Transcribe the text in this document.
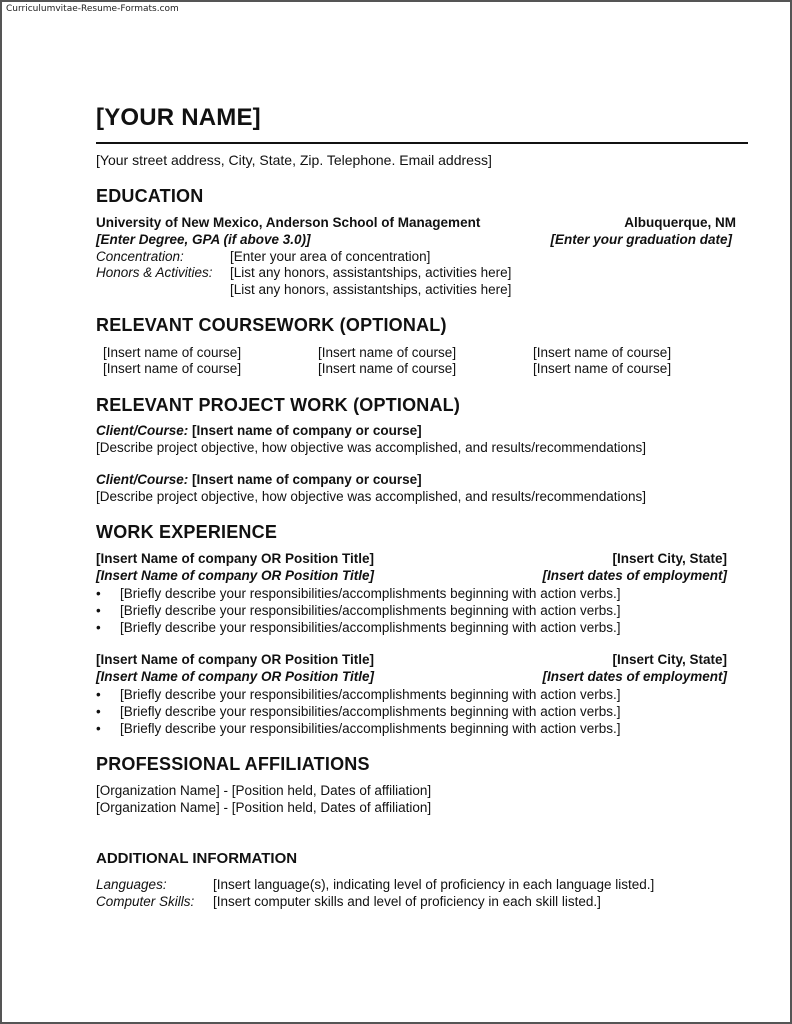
Curriculumvitae-Resume-Formats.com
[YOUR NAME]
[Your street address, City, State, Zip. Telephone. Email address]
EDUCATION
University of New Mexico, Anderson School of Management	Albuquerque, NM
[Enter Degree, GPA (if above 3.0)]	[Enter your graduation date]
Concentration:	[Enter your area of concentration]
Honors & Activities: [List any honors, assistantships, activities here]
[List any honors, assistantships, activities here]
RELEVANT COURSEWORK (OPTIONAL)
[Insert name of course]	[Insert name of course]	[Insert name of course]
[Insert name of course]	[Insert name of course]	[Insert name of course]
RELEVANT PROJECT WORK (OPTIONAL)
Client/Course: [Insert name of company or course]
[Describe project objective, how objective was accomplished, and results/recommendations]
Client/Course: [Insert name of company or course]
[Describe project objective, how objective was accomplished, and results/recommendations]
WORK EXPERIENCE
[Insert Name of company OR Position Title]	[Insert City, State]
[Insert Name of company OR Position Title]	[Insert dates of employment]
• [Briefly describe your responsibilities/accomplishments beginning with action verbs.]
• [Briefly describe your responsibilities/accomplishments beginning with action verbs.]
• [Briefly describe your responsibilities/accomplishments beginning with action verbs.]
[Insert Name of company OR Position Title]	[Insert City, State]
[Insert Name of company OR Position Title]	[Insert dates of employment]
• [Briefly describe your responsibilities/accomplishments beginning with action verbs.]
• [Briefly describe your responsibilities/accomplishments beginning with action verbs.]
• [Briefly describe your responsibilities/accomplishments beginning with action verbs.]
PROFESSIONAL AFFILIATIONS
[Organization Name] - [Position held, Dates of affiliation]
[Organization Name] - [Position held, Dates of affiliation]
ADDITIONAL INFORMATION
Languages:	[Insert language(s), indicating level of proficiency in each language listed.]
Computer Skills: [Insert computer skills and level of proficiency in each skill listed.]
